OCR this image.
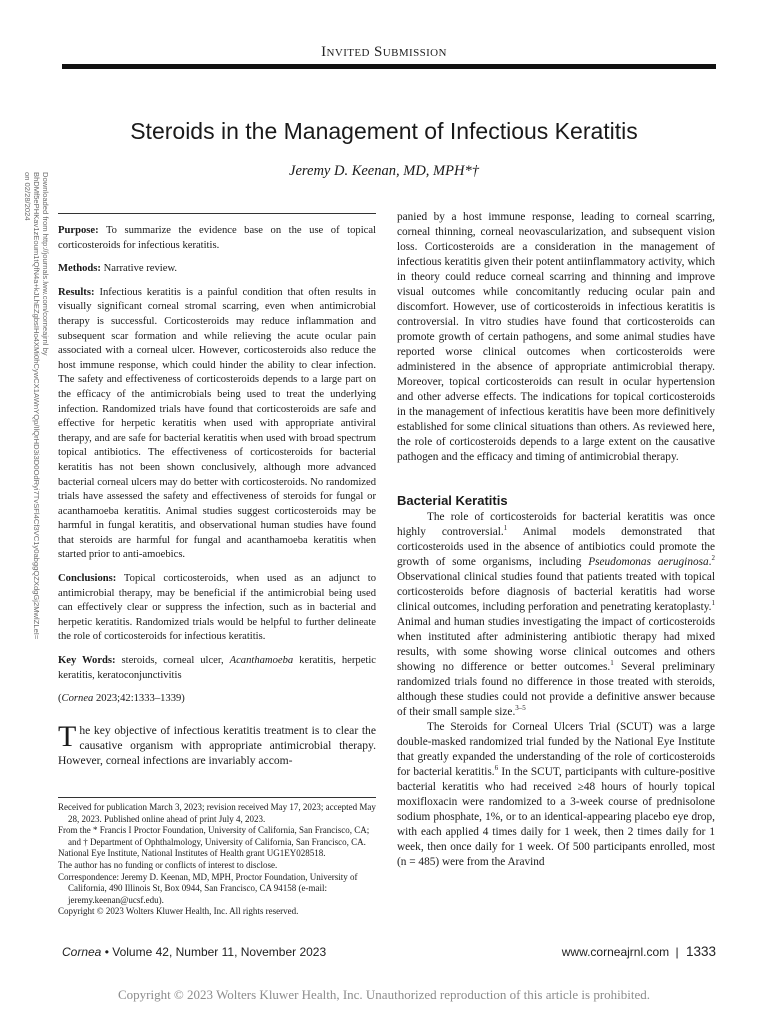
Invited Submission
Steroids in the Management of Infectious Keratitis
Jeremy D. Keenan, MD, MPH*†
Downloaded from http://journals.lww.com/corneajrnl by BhDMf5ePHKav1zEoum1tQfN4a+kJLhEZgbsIHo4XMi0hCywCX1AWnYQp/IlQrHD3i3D0OdRyi7TvSFl4Cf3VC1y0abggQZXdgGj2MwlZLeI= on 02/28/2024

Purpose: To summarize the evidence base on the use of topical corticosteroids for infectious keratitis.

Methods: Narrative review.

Results: Infectious keratitis is a painful condition that often results in visually significant corneal stromal scarring, even when antimicrobial therapy is successful. Corticosteroids may reduce inflammation and subsequent scar formation and while relieving the acute ocular pain associated with a corneal ulcer. However, corticosteroids also reduce the host immune response, which could hinder the ability to clear infection. The safety and effectiveness of corticosteroids depends to a large part on the efficacy of the antimicrobials being used to treat the underlying infection. Randomized trials have found that corticosteroids are safe and effective for herpetic keratitis when used with appropriate antiviral therapy, and are safe for bacterial keratitis when used with broad spectrum topical antibiotics. The effectiveness of corticosteroids for bacterial keratitis has not been shown conclusively, although more advanced bacterial corneal ulcers may do better with corticosteroids. No randomized trials have assessed the safety and effectiveness of steroids for fungal or acanthamoeba keratitis. Animal studies suggest corticosteroids may be harmful in fungal keratitis, and observational human studies have found that steroids are harmful for fungal and acanthamoeba keratitis when started prior to anti-amoebics.

Conclusions: Topical corticosteroids, when used as an adjunct to antimicrobial therapy, may be beneficial if the antimicrobial being used can effectively clear or suppress the infection, such as in bacterial and herpetic keratitis. Randomized trials would be helpful to further delineate the role of corticosteroids for infectious keratitis.

Key Words: steroids, corneal ulcer, Acanthamoeba keratitis, herpetic keratitis, keratoconjunctivitis

(Cornea 2023;42:1333–1339)

The key objective of infectious keratitis treatment is to clear the causative organism with appropriate antimicrobial therapy. However, corneal infections are invariably accom-

Received for publication March 3, 2023; revision received May 17, 2023; accepted May 28, 2023. Published online ahead of print July 4, 2023.
From the * Francis I Proctor Foundation, University of California, San Francisco, CA; and † Department of Ophthalmology, University of California, San Francisco, CA.
National Eye Institute, National Institutes of Health grant UG1EY028518.
The author has no funding or conflicts of interest to disclose.
Correspondence: Jeremy D. Keenan, MD, MPH, Proctor Foundation, University of California, 490 Illinois St, Box 0944, San Francisco, CA 94158 (e-mail: jeremy.keenan@ucsf.edu).
Copyright © 2023 Wolters Kluwer Health, Inc. All rights reserved.

panied by a host immune response, leading to corneal scarring, corneal thinning, corneal neovascularization, and subsequent vision loss. Corticosteroids are a consideration in the management of infectious keratitis given their potent antiinflammatory activity, which in theory could reduce corneal scarring and thinning and improve visual outcomes while concomitantly reducing ocular pain and discomfort. However, use of corticosteroids in infectious keratitis is controversial. In vitro studies have found that corticosteroids can promote growth of certain pathogens, and some animal studies have reported worse clinical outcomes when corticosteroids were administered in the absence of appropriate antimicrobial therapy. Moreover, topical corticosteroids can result in ocular hypertension and other adverse effects. The indications for topical corticosteroids in the management of infectious keratitis have been more definitively established for some clinical situations than others. As reviewed here, the role of corticosteroids depends to a large extent on the causative pathogen and the efficacy and timing of antimicrobial therapy.

Bacterial Keratitis

The role of corticosteroids for bacterial keratitis was once highly controversial.$^1$ Animal models demonstrated that corticosteroids used in the absence of antibiotics could promote the growth of some organisms, including Pseudomonas aeruginosa.$^2$ Observational clinical studies found that patients treated with topical corticosteroids before diagnosis of bacterial keratitis had worse clinical outcomes, including perforation and penetrating keratoplasty.$^1$ Animal and human studies investigating the impact of corticosteroids when instituted after administering antibiotic therapy had mixed results, with some showing worse clinical outcomes and others showing no difference or better outcomes.$^1$ Several preliminary randomized trials found no difference in those treated with steroids, although these studies could not provide a definitive answer because of their small sample size.$^{3-5}$

The Steroids for Corneal Ulcers Trial (SCUT) was a large double-masked randomized trial funded by the National Eye Institute that greatly expanded the understanding of the role of corticosteroids for bacterial keratitis.$^6$ In the SCUT, participants with culture-positive bacterial keratitis who had received ≥48 hours of hourly topical moxifloxacin were randomized to a 3-week course of prednisolone sodium phosphate, 1%, or to an identical-appearing placebo eye drop, with each applied 4 times daily for 1 week, then 2 times daily for 1 week, then once daily for 1 week. Of 500 participants enrolled, most (n = 485) were from the Aravind

Cornea • Volume 42, Number 11, November 2023	www.corneajrnl.com | 1333
Copyright © 2023 Wolters Kluwer Health, Inc. Unauthorized reproduction of this article is prohibited.
